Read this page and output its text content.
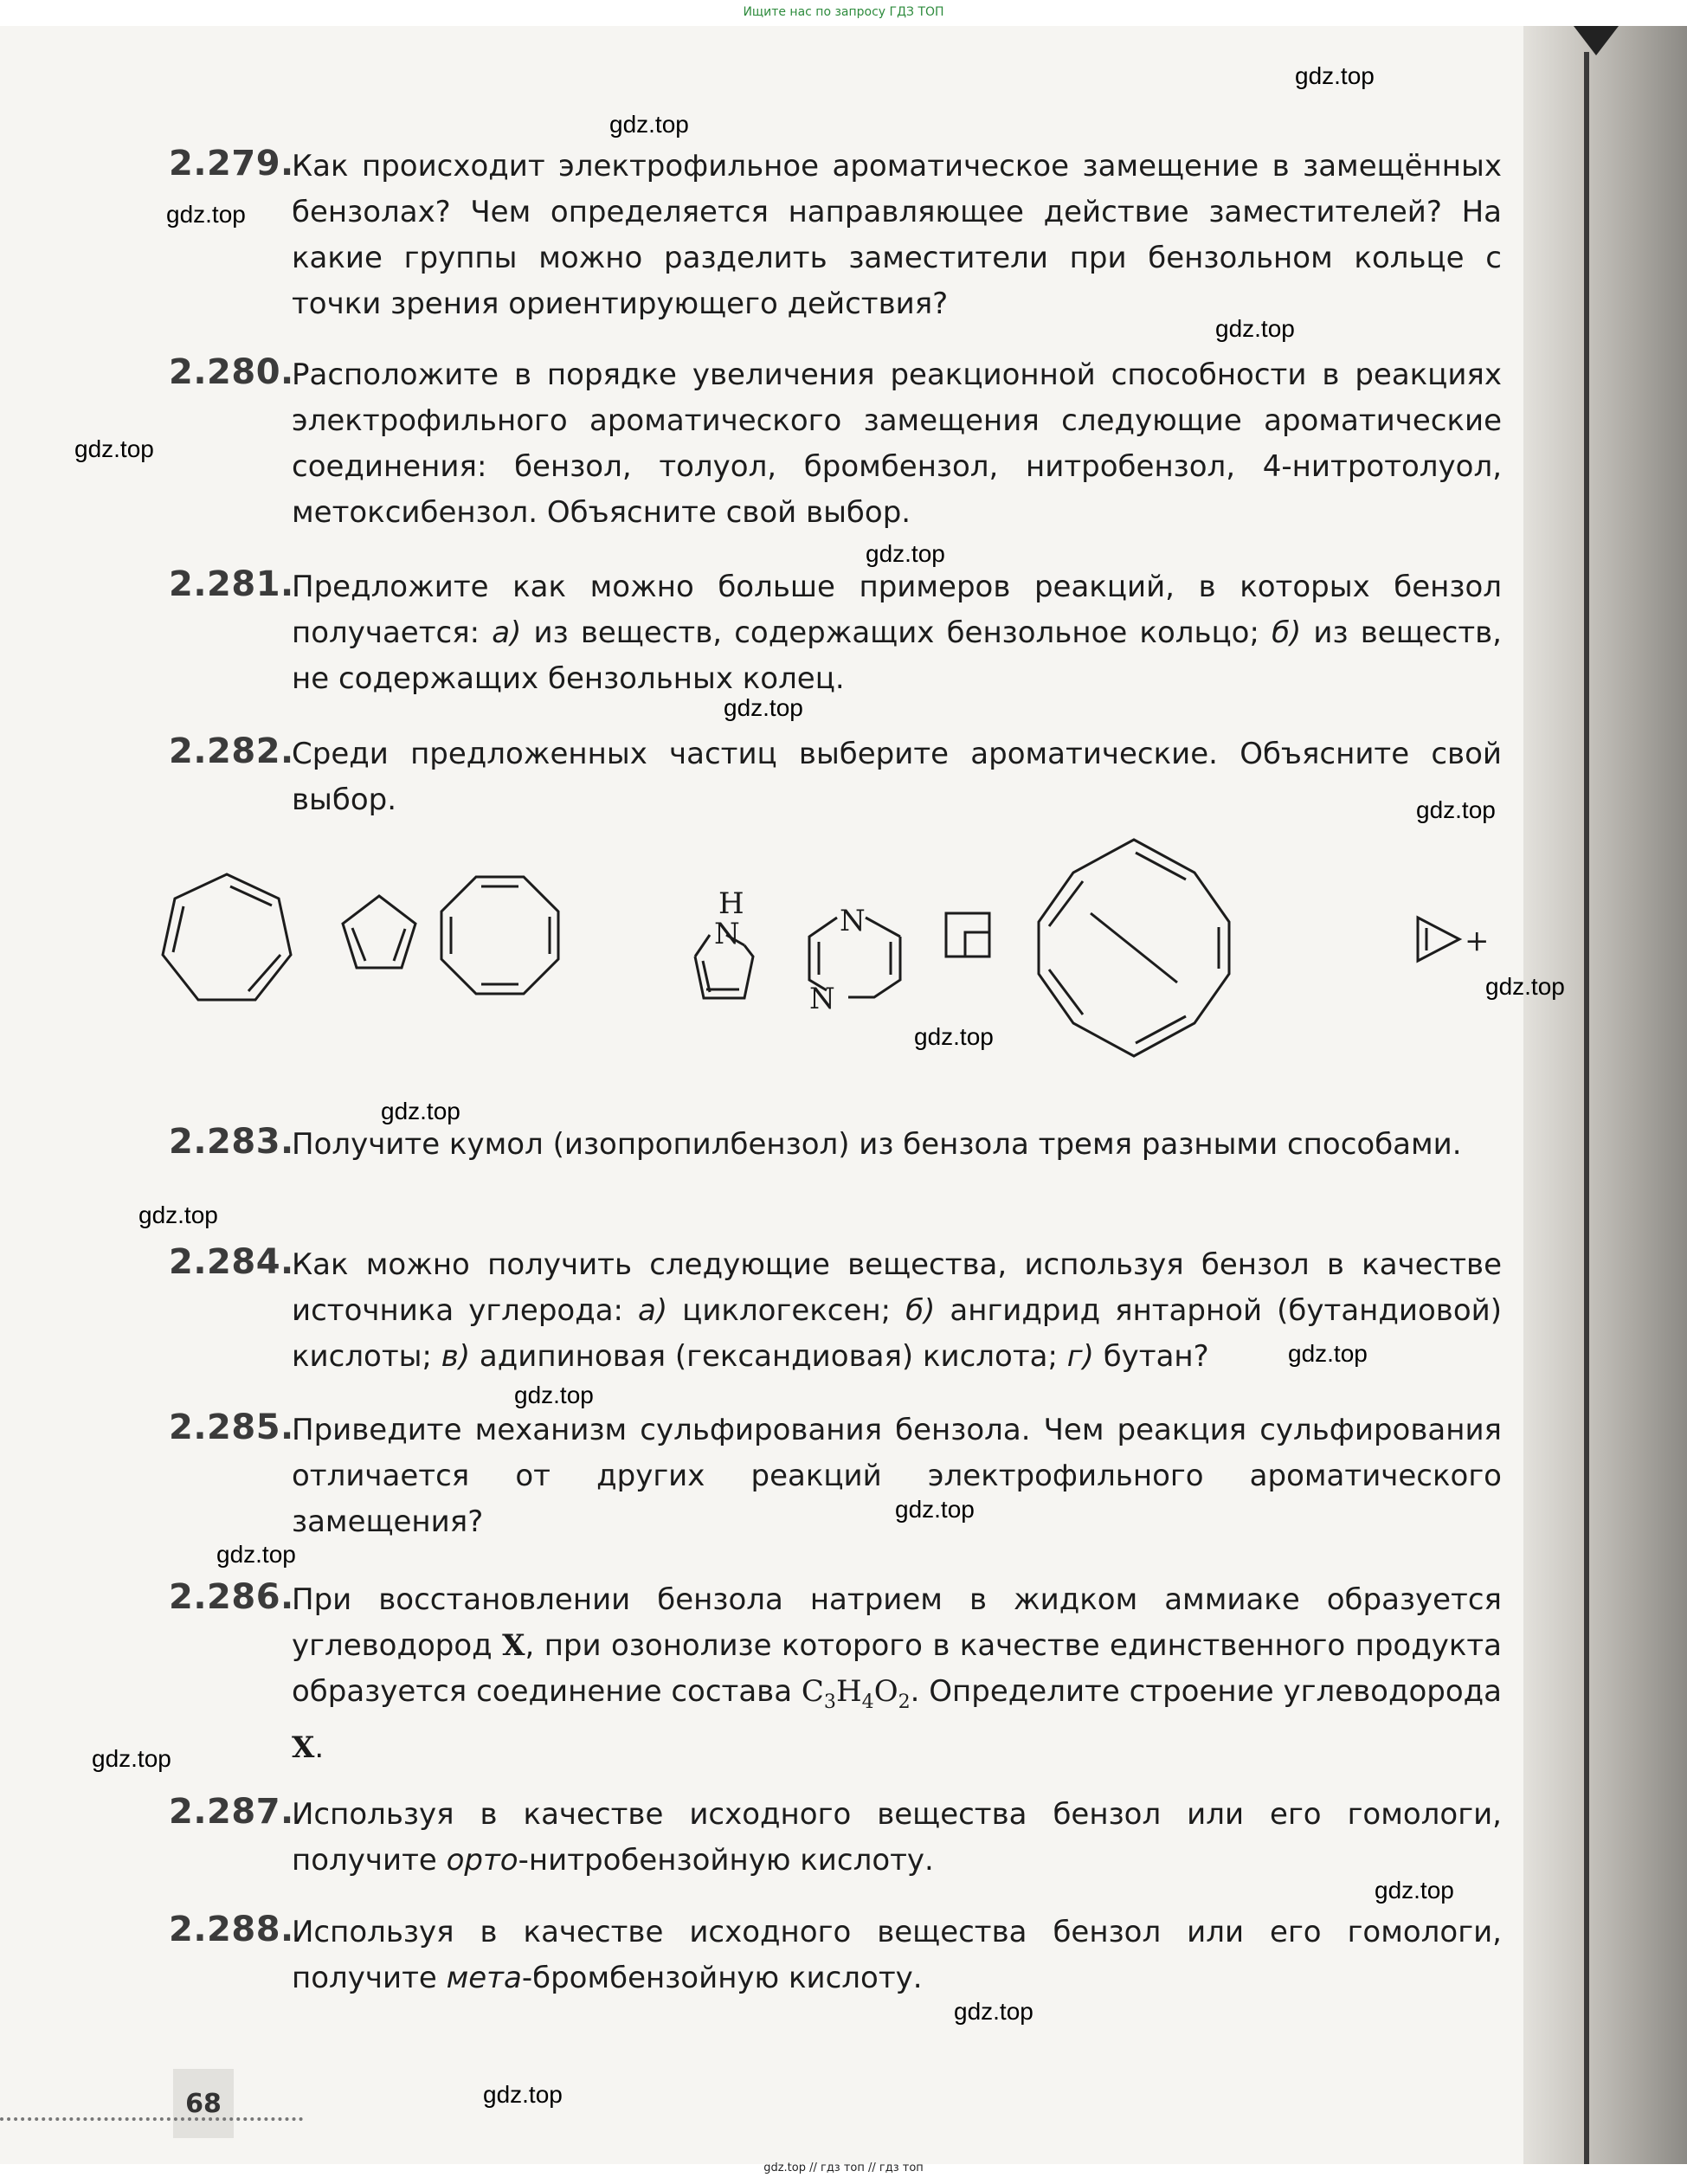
Ищите нас по запросу ГДЗ ТОП
2.279.
Как происходит электрофильное ароматическое замещение в замещённых бензолах? Чем определяется направляющее действие заместителей? На какие группы можно разделить заместители при бензольном кольце с точки зрения ориентирующего действия?
2.280.
Расположите в порядке увеличения реакционной способности в реакциях электрофильного ароматического замещения следующие ароматические соединения: бензол, толуол, бромбензол, нитробензол, 4-нитротолуол, метоксибензол. Объясните свой выбор.
2.281.
Предложите как можно больше примеров реакций, в которых бензол получается: а) из веществ, содержащих бензольное кольцо; б) из веществ, не содержащих бензольных колец.
2.282.
Среди предложенных частиц выберите ароматические. Объясните свой выбор.
H
N	N
N
+
2.283.
Получите кумол (изопропилбензол) из бензола тремя разными способами.
2.284.
Как можно получить следующие вещества, используя бензол в качестве источника углерода: а) циклогексен; б) ангидрид янтарной (бутандиовой) кислоты; в) адипиновая (гександиовая) кислота; г) бутан?
2.285.
Приведите механизм сульфирования бензола. Чем реакция сульфирования отличается от других реакций электрофильного ароматического замещения?
2.286.
При восстановлении бензола натрием в жидком аммиаке образуется углеводород X, при озонолизе которого в качестве единственного продукта образуется соединение состава $C_3H_4O_2$. Определите строение углеводорода X.
2.287.
Используя в качестве исходного вещества бензол или его гомологи, получите орто-нитробензойную кислоту.
2.288.
Используя в качестве исходного вещества бензол или его гомологи, получите мета-бромбензойную кислоту.
gdz.top
gdz.top
gdz.top
gdz.top
gdz.top
gdz.top
gdz.top
gdz.top
gdz.top
gdz.top
gdz.top
gdz.top
gdz.top
gdz.top
gdz.top
gdz.top
gdz.top
gdz.top
gdz.top
gdz.top
68
gdz.top // гдз топ // гдз топ
